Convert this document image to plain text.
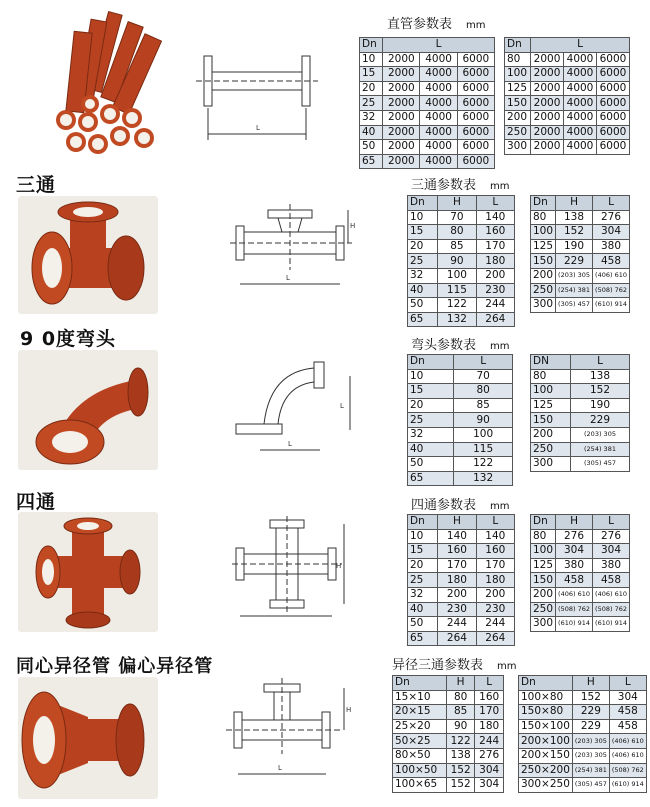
三通
9 0度弯头
四通
同心异径管 偏心异径管
L
H
L
L
L
H
H
L
直管参数表 mm
三通参数表 mm
弯头参数表 mm
四通参数表 mm
异径三通参数表 mm
Dn	L		
10	2000	4000	6000
15	2000	4000	6000
20	2000	4000	6000
25	2000	4000	6000
32	2000	4000	6000
40	2000	4000	6000
50	2000	4000	6000
65	2000	4000	6000
Dn	L		
80	2000	4000	6000
100	2000	4000	6000
125	2000	4000	6000
150	2000	4000	6000
200	2000	4000	6000
250	2000	4000	6000
300	2000	4000	6000
Dn	H	L
10	70	140
15	80	160
20	85	170
25	90	180
32	100	200
40	115	230
50	122	244
65	132	264
Dn	H	L
80	138	276
100	152	304
125	190	380
150	229	458
200	(203) 305	(406) 610
250	(254) 381	(508) 762
300	(305) 457	(610) 914
Dn	L
10	70
15	80
20	85
25	90
32	100
40	115
50	122
65	132
DN	L
80	138
100	152
125	190
150	229
200	(203) 305
250	(254) 381
300	(305) 457
Dn	H	L
10	140	140
15	160	160
20	170	170
25	180	180
32	200	200
40	230	230
50	244	244
65	264	264
Dn	H	L
80	276	276
100	304	304
125	380	380
150	458	458
200	(406) 610	(406) 610
250	(508) 762	(508) 762
300	(610) 914	(610) 914
Dn	H	L
15×10	80	160
20×15	85	170
25×20	90	180
50×25	122	244
80×50	138	276
100×50	152	304
100×65	152	304
Dn	H	L
100×80	152	304
150×80	229	458
150×100	229	458
200×100	(203) 305	(406) 610
200×150	(203) 305	(406) 610
250×200	(254) 381	(508) 762
300×250	(305) 457	(610) 914
